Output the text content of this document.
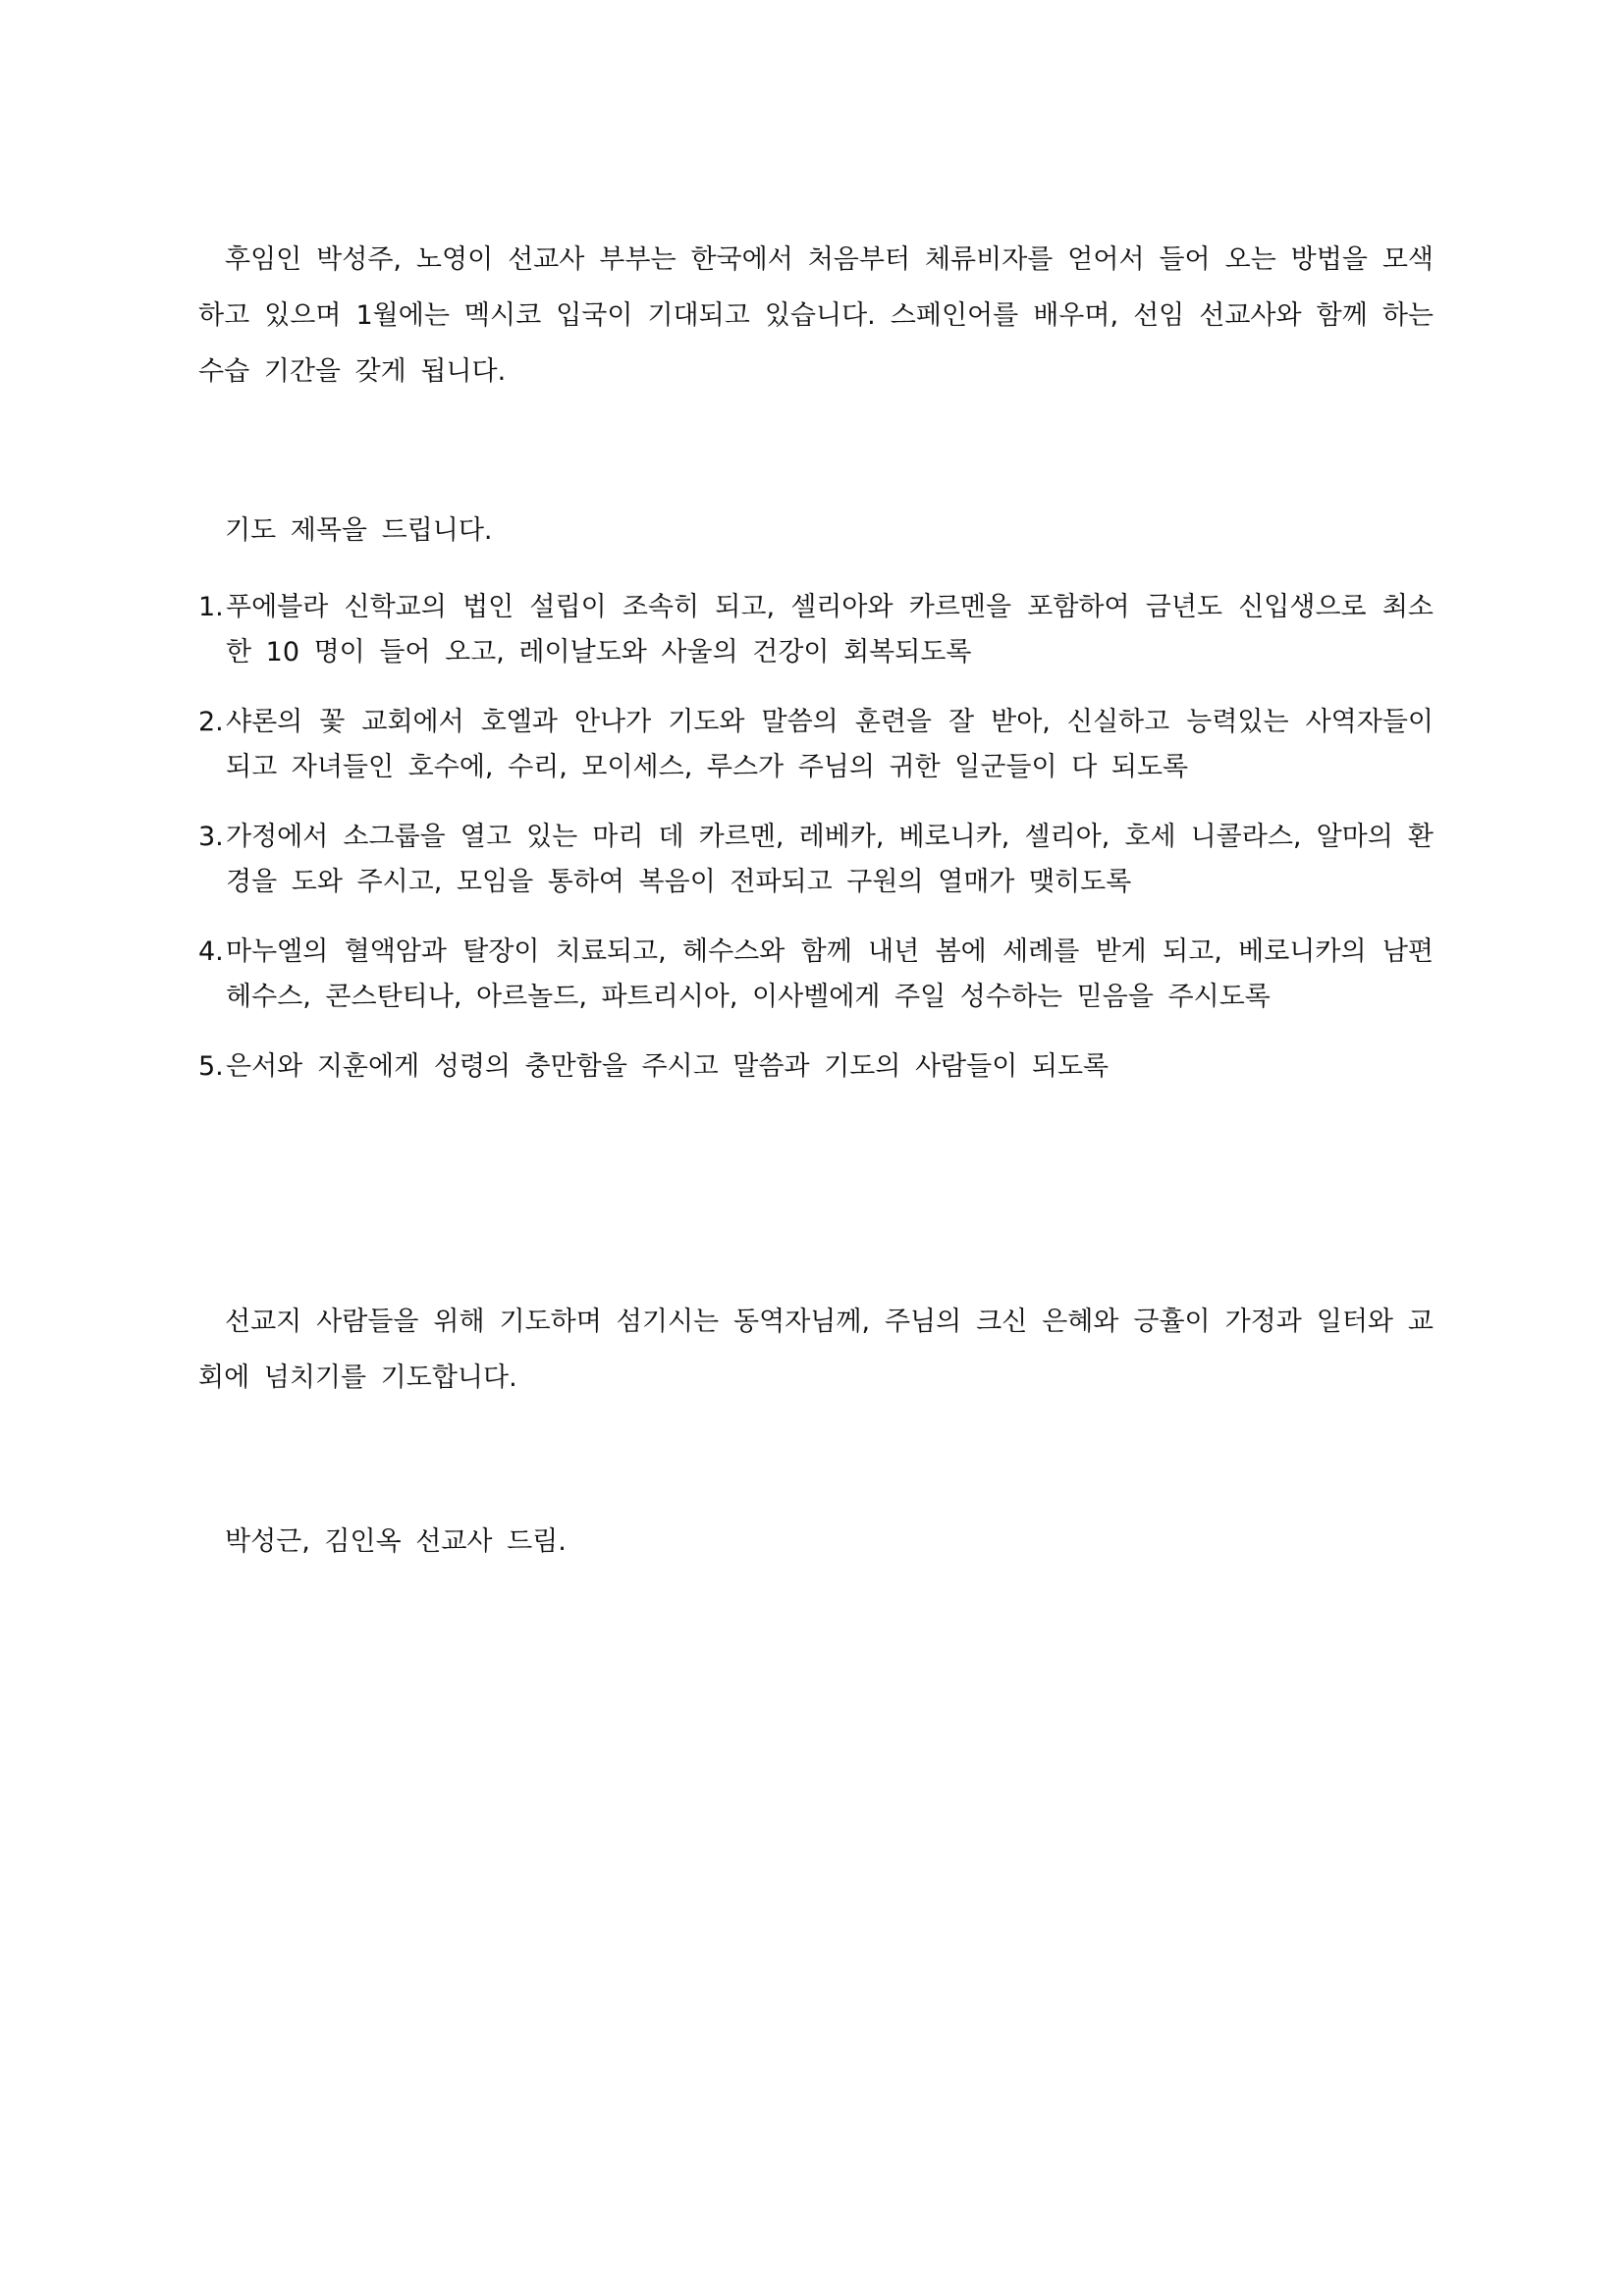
후임인 박성주, 노영이 선교사 부부는 한국에서 처음부터 체류비자를 얻어서 들어 오는 방법을 모색하고 있으며 1월에는 멕시코 입국이 기대되고 있습니다. 스페인어를 배우며, 선임 선교사와 함께 하는 수습 기간을 갖게 됩니다.

기도 제목을 드립니다.

1. 푸에블라 신학교의 법인 설립이 조속히 되고, 셀리아와 카르멘을 포함하여 금년도 신입생으로 최소한 10 명이 들어 오고, 레이날도와 사울의 건강이 회복되도록
2. 샤론의 꽃 교회에서 호엘과 안나가 기도와 말씀의 훈련을 잘 받아, 신실하고 능력있는 사역자들이 되고 자녀들인 호수에, 수리, 모이세스, 루스가 주님의 귀한 일군들이 다 되도록
3. 가정에서 소그룹을 열고 있는 마리 데 카르멘, 레베카, 베로니카, 셀리아, 호세 니콜라스, 알마의 환경을 도와 주시고, 모임을 통하여 복음이 전파되고 구원의 열매가 맺히도록
4. 마누엘의 혈액암과 탈장이 치료되고, 헤수스와 함께 내년 봄에 세례를 받게 되고, 베로니카의 남편 헤수스, 콘스탄티나, 아르놀드, 파트리시아, 이사벨에게 주일 성수하는 믿음을 주시도록
5. 은서와 지훈에게 성령의 충만함을 주시고 말씀과 기도의 사람들이 되도록

선교지 사람들을 위해 기도하며 섬기시는 동역자님께, 주님의 크신 은혜와 긍휼이 가정과 일터와 교회에 넘치기를 기도합니다.

박성근, 김인옥 선교사 드림.
